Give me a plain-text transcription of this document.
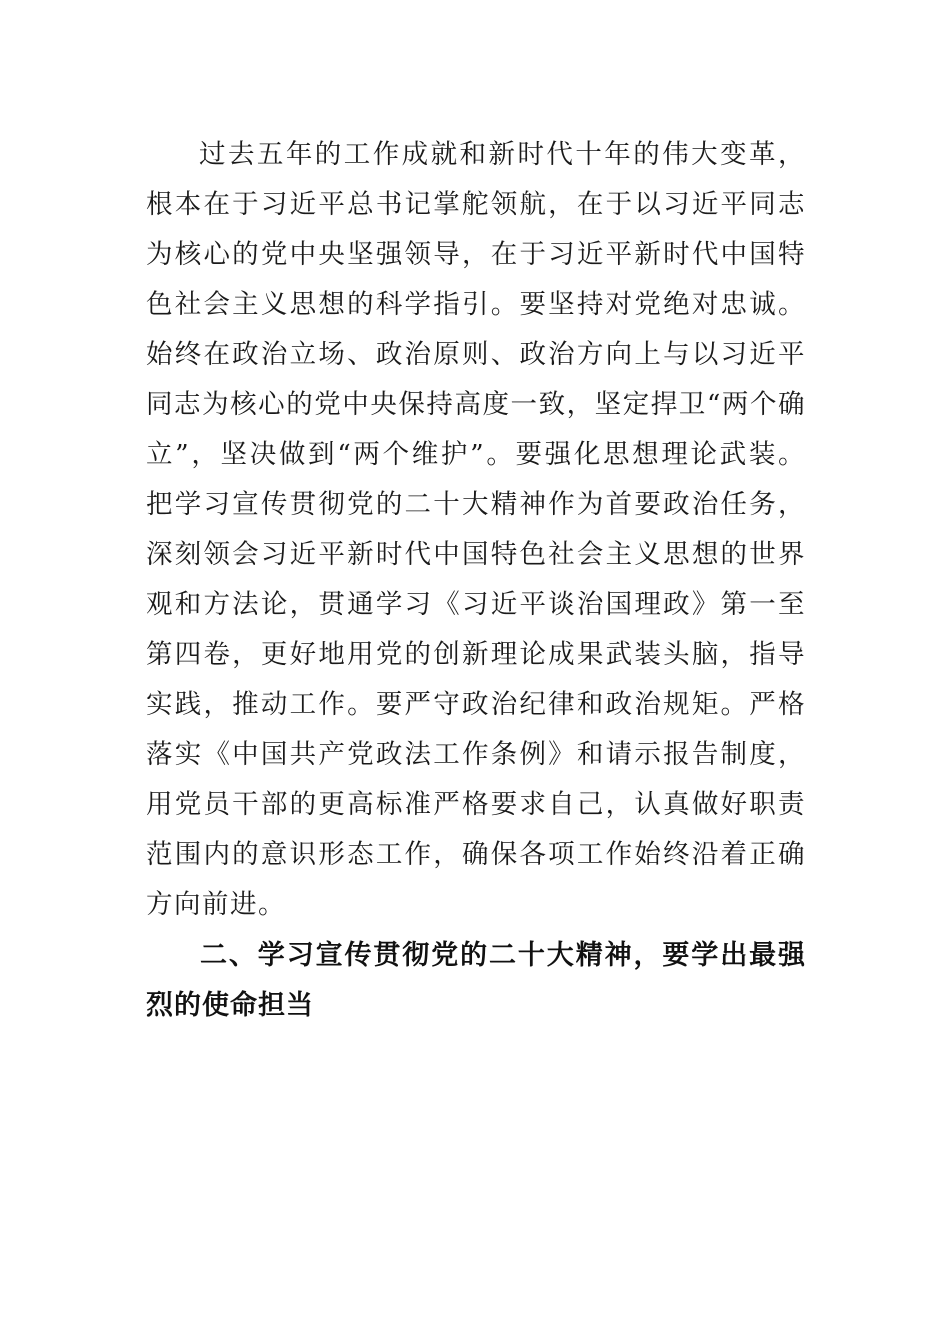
过去五年的工作成就和新时代十年的伟大变革，根本在于习近平总书记掌舵领航，在于以习近平同志为核心的党中央坚强领导，在于习近平新时代中国特色社会主义思想的科学指引。要坚持对党绝对忠诚。始终在政治立场、政治原则、政治方向上与以习近平同志为核心的党中央保持高度一致，坚定捍卫“两个确立”，坚决做到“两个维护”。要强化思想理论武装。把学习宣传贯彻党的二十大精神作为首要政治任务，深刻领会习近平新时代中国特色社会主义思想的世界观和方法论，贯通学习《习近平谈治国理政》第一至第四卷，更好地用党的创新理论成果武装头脑，指导实践，推动工作。要严守政治纪律和政治规矩。严格落实《中国共产党政法工作条例》和请示报告制度，用党员干部的更高标准严格要求自己，认真做好职责范围内的意识形态工作，确保各项工作始终沿着正确方向前进。

二、学习宣传贯彻党的二十大精神，要学出最强烈的使命担当
